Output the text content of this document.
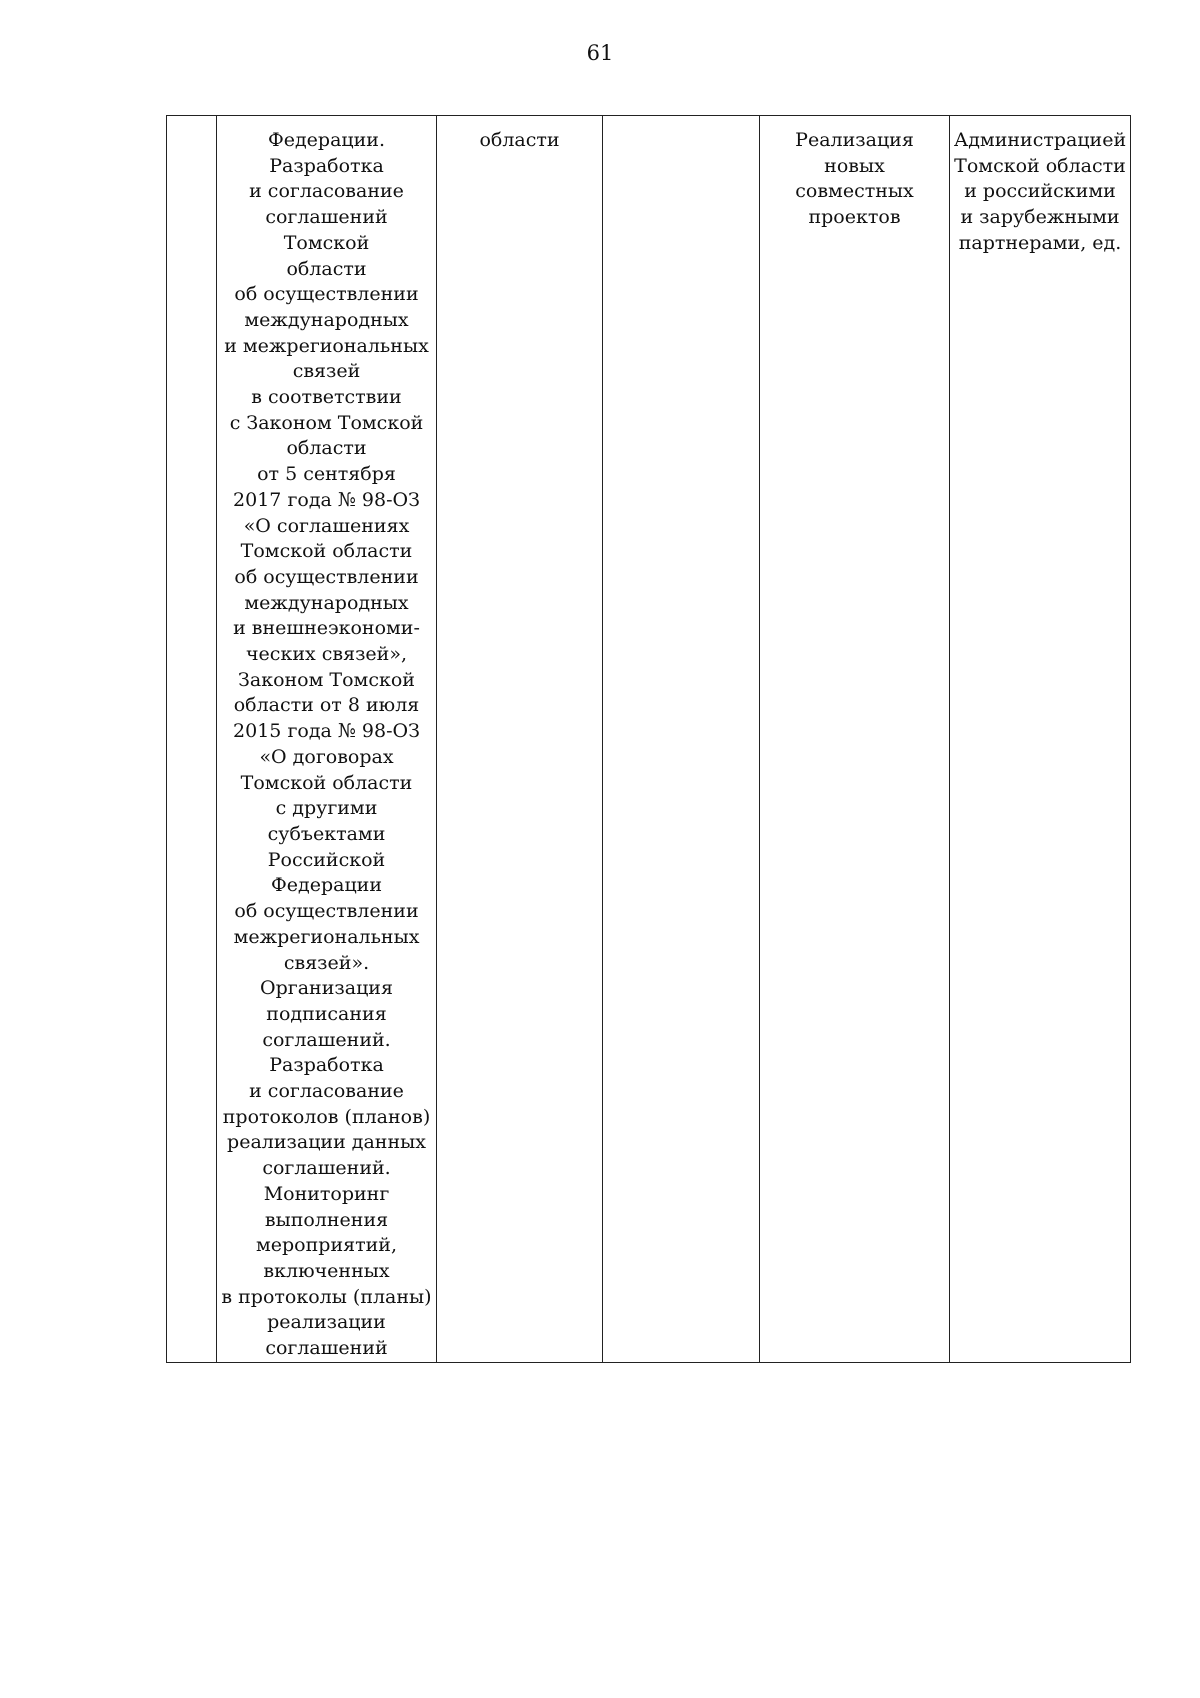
61
	Федерации.
Разработка
и согласование
соглашений Томской
области
об осуществлении
международных
и межрегиональных
связей
в соответствии
с Законом Томской
области
от 5 сентября
2017 года № 98-ОЗ
«О соглашениях
Томской области
об осуществлении
международных
и внешнеэкономи-
ческих связей»,
Законом Томской
области от 8 июля
2015 года № 98-ОЗ
«О договорах
Томской области
с другими
субъектами
Российской
Федерации
об осуществлении
межрегиональных
связей».
Организация
подписания
соглашений.
Разработка
и согласование
протоколов (планов)
реализации данных
соглашений.
Мониторинг
выполнения
мероприятий,
включенных
в протоколы (планы)
реализации
соглашений	области		Реализация новых
совместных
проектов	Администрацией
Томской области
и российскими
и зарубежными
партнерами, ед.
